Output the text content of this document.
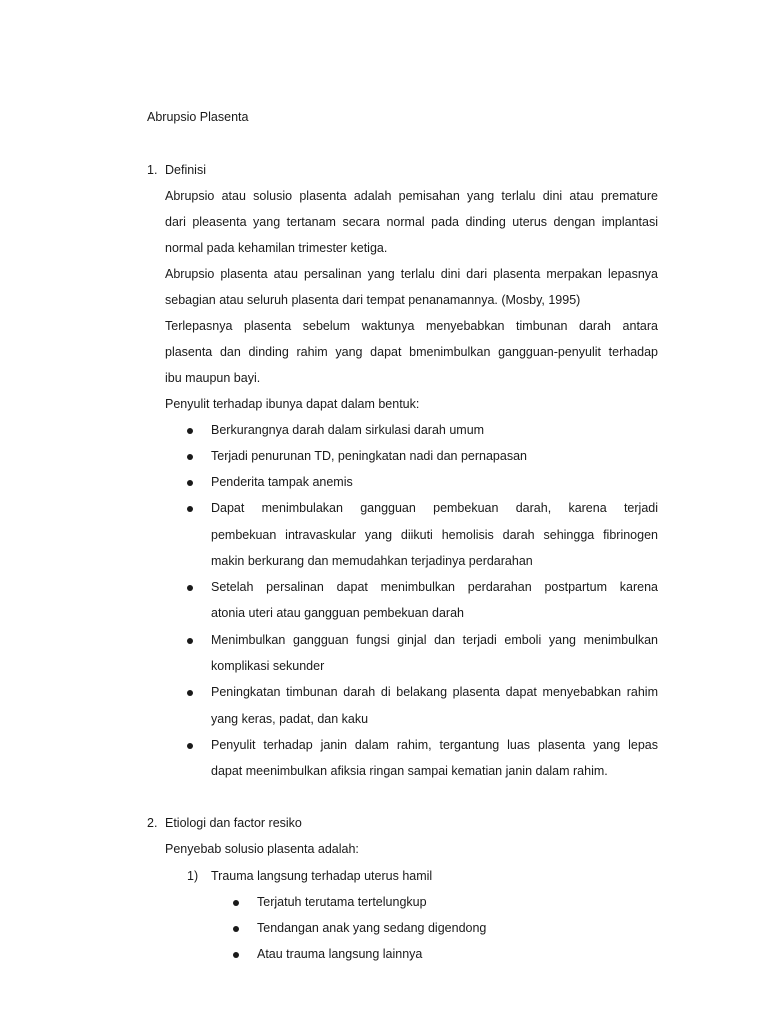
Abrupsio Plasenta
1. Definisi
Abrupsio atau solusio plasenta adalah pemisahan yang terlalu dini atau premature
dari pleasenta yang tertanam secara normal pada dinding uterus dengan implantasi
normal pada kehamilan trimester ketiga.
Abrupsio plasenta atau persalinan yang terlalu dini dari plasenta merpakan lepasnya
sebagian atau seluruh plasenta dari tempat penanamannya. (Mosby, 1995)
Terlepasnya plasenta sebelum waktunya menyebabkan timbunan darah antara
plasenta dan dinding rahim yang dapat bmenimbulkan gangguan-penyulit terhadap
ibu maupun bayi.
Penyulit terhadap ibunya dapat dalam bentuk:
Berkurangnya darah dalam sirkulasi darah umum
Terjadi penurunan TD, peningkatan nadi dan pernapasan
Penderita tampak anemis
Dapat menimbulakan gangguan pembekuan darah, karena terjadi
pembekuan intravaskular yang diikuti hemolisis darah sehingga fibrinogen
makin berkurang dan memudahkan terjadinya perdarahan
Setelah persalinan dapat menimbulkan perdarahan postpartum karena
atonia uteri atau gangguan pembekuan darah
Menimbulkan gangguan fungsi ginjal dan terjadi emboli yang menimbulkan
komplikasi sekunder
Peningkatan timbunan darah di belakang plasenta dapat menyebabkan rahim
yang keras, padat, dan kaku
Penyulit terhadap janin dalam rahim, tergantung luas plasenta yang lepas
dapat meenimbulkan afiksia ringan sampai kematian janin dalam rahim.
2. Etiologi dan factor resiko
Penyebab solusio plasenta adalah:
1) Trauma langsung terhadap uterus hamil
Terjatuh terutama tertelungkup
Tendangan anak yang sedang digendong
Atau trauma langsung lainnya
